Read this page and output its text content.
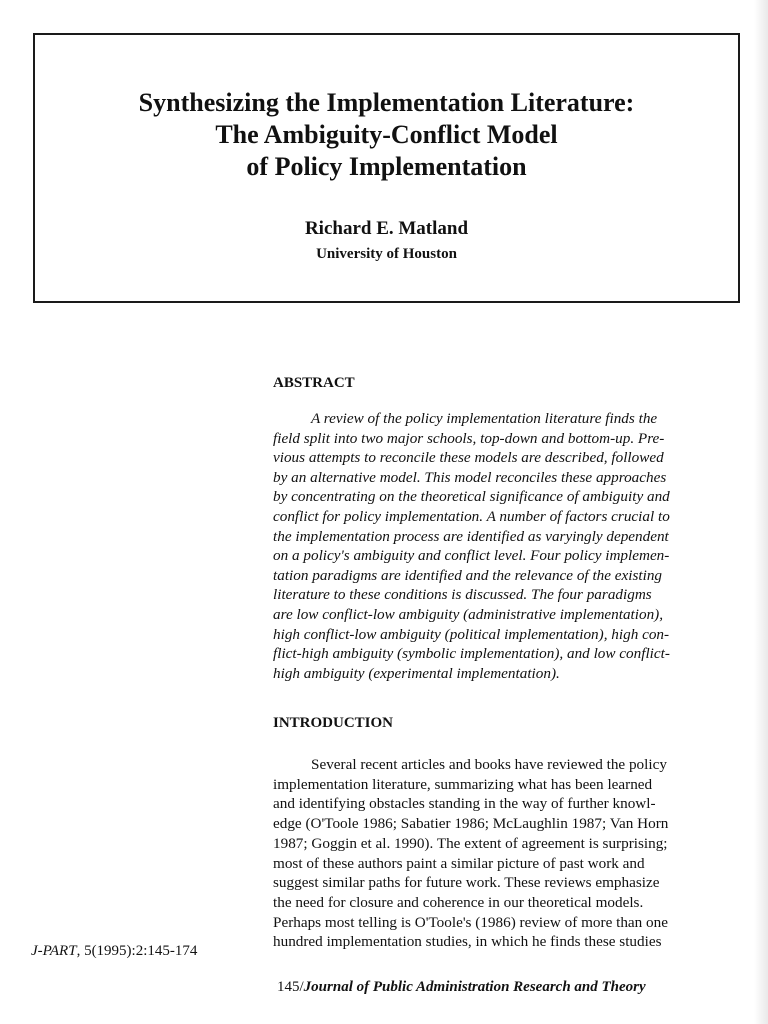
Synthesizing the Implementation Literature:
The Ambiguity-Conflict Model
of Policy Implementation
Richard E. Matland
University of Houston
ABSTRACT
A review of the policy implementation literature finds the
field split into two major schools, top-down and bottom-up. Pre-
vious attempts to reconcile these models are described, followed
by an alternative model. This model reconciles these approaches
by concentrating on the theoretical significance of ambiguity and
conflict for policy implementation. A number of factors crucial to
the implementation process are identified as varyingly dependent
on a policy's ambiguity and conflict level. Four policy implemen-
tation paradigms are identified and the relevance of the existing
literature to these conditions is discussed. The four paradigms
are low conflict-low ambiguity (administrative implementation),
high conflict-low ambiguity (political implementation), high con-
flict-high ambiguity (symbolic implementation), and low conflict-
high ambiguity (experimental implementation).
INTRODUCTION
Several recent articles and books have reviewed the policy
implementation literature, summarizing what has been learned
and identifying obstacles standing in the way of further knowl-
edge (O'Toole 1986; Sabatier 1986; McLaughlin 1987; Van Horn
1987; Goggin et al. 1990). The extent of agreement is surprising;
most of these authors paint a similar picture of past work and
suggest similar paths for future work. These reviews emphasize
the need for closure and coherence in our theoretical models.
Perhaps most telling is O'Toole's (1986) review of more than one
hundred implementation studies, in which he finds these studies
J-PART, 5(1995):2:145-174
145/Journal of Public Administration Research and Theory
